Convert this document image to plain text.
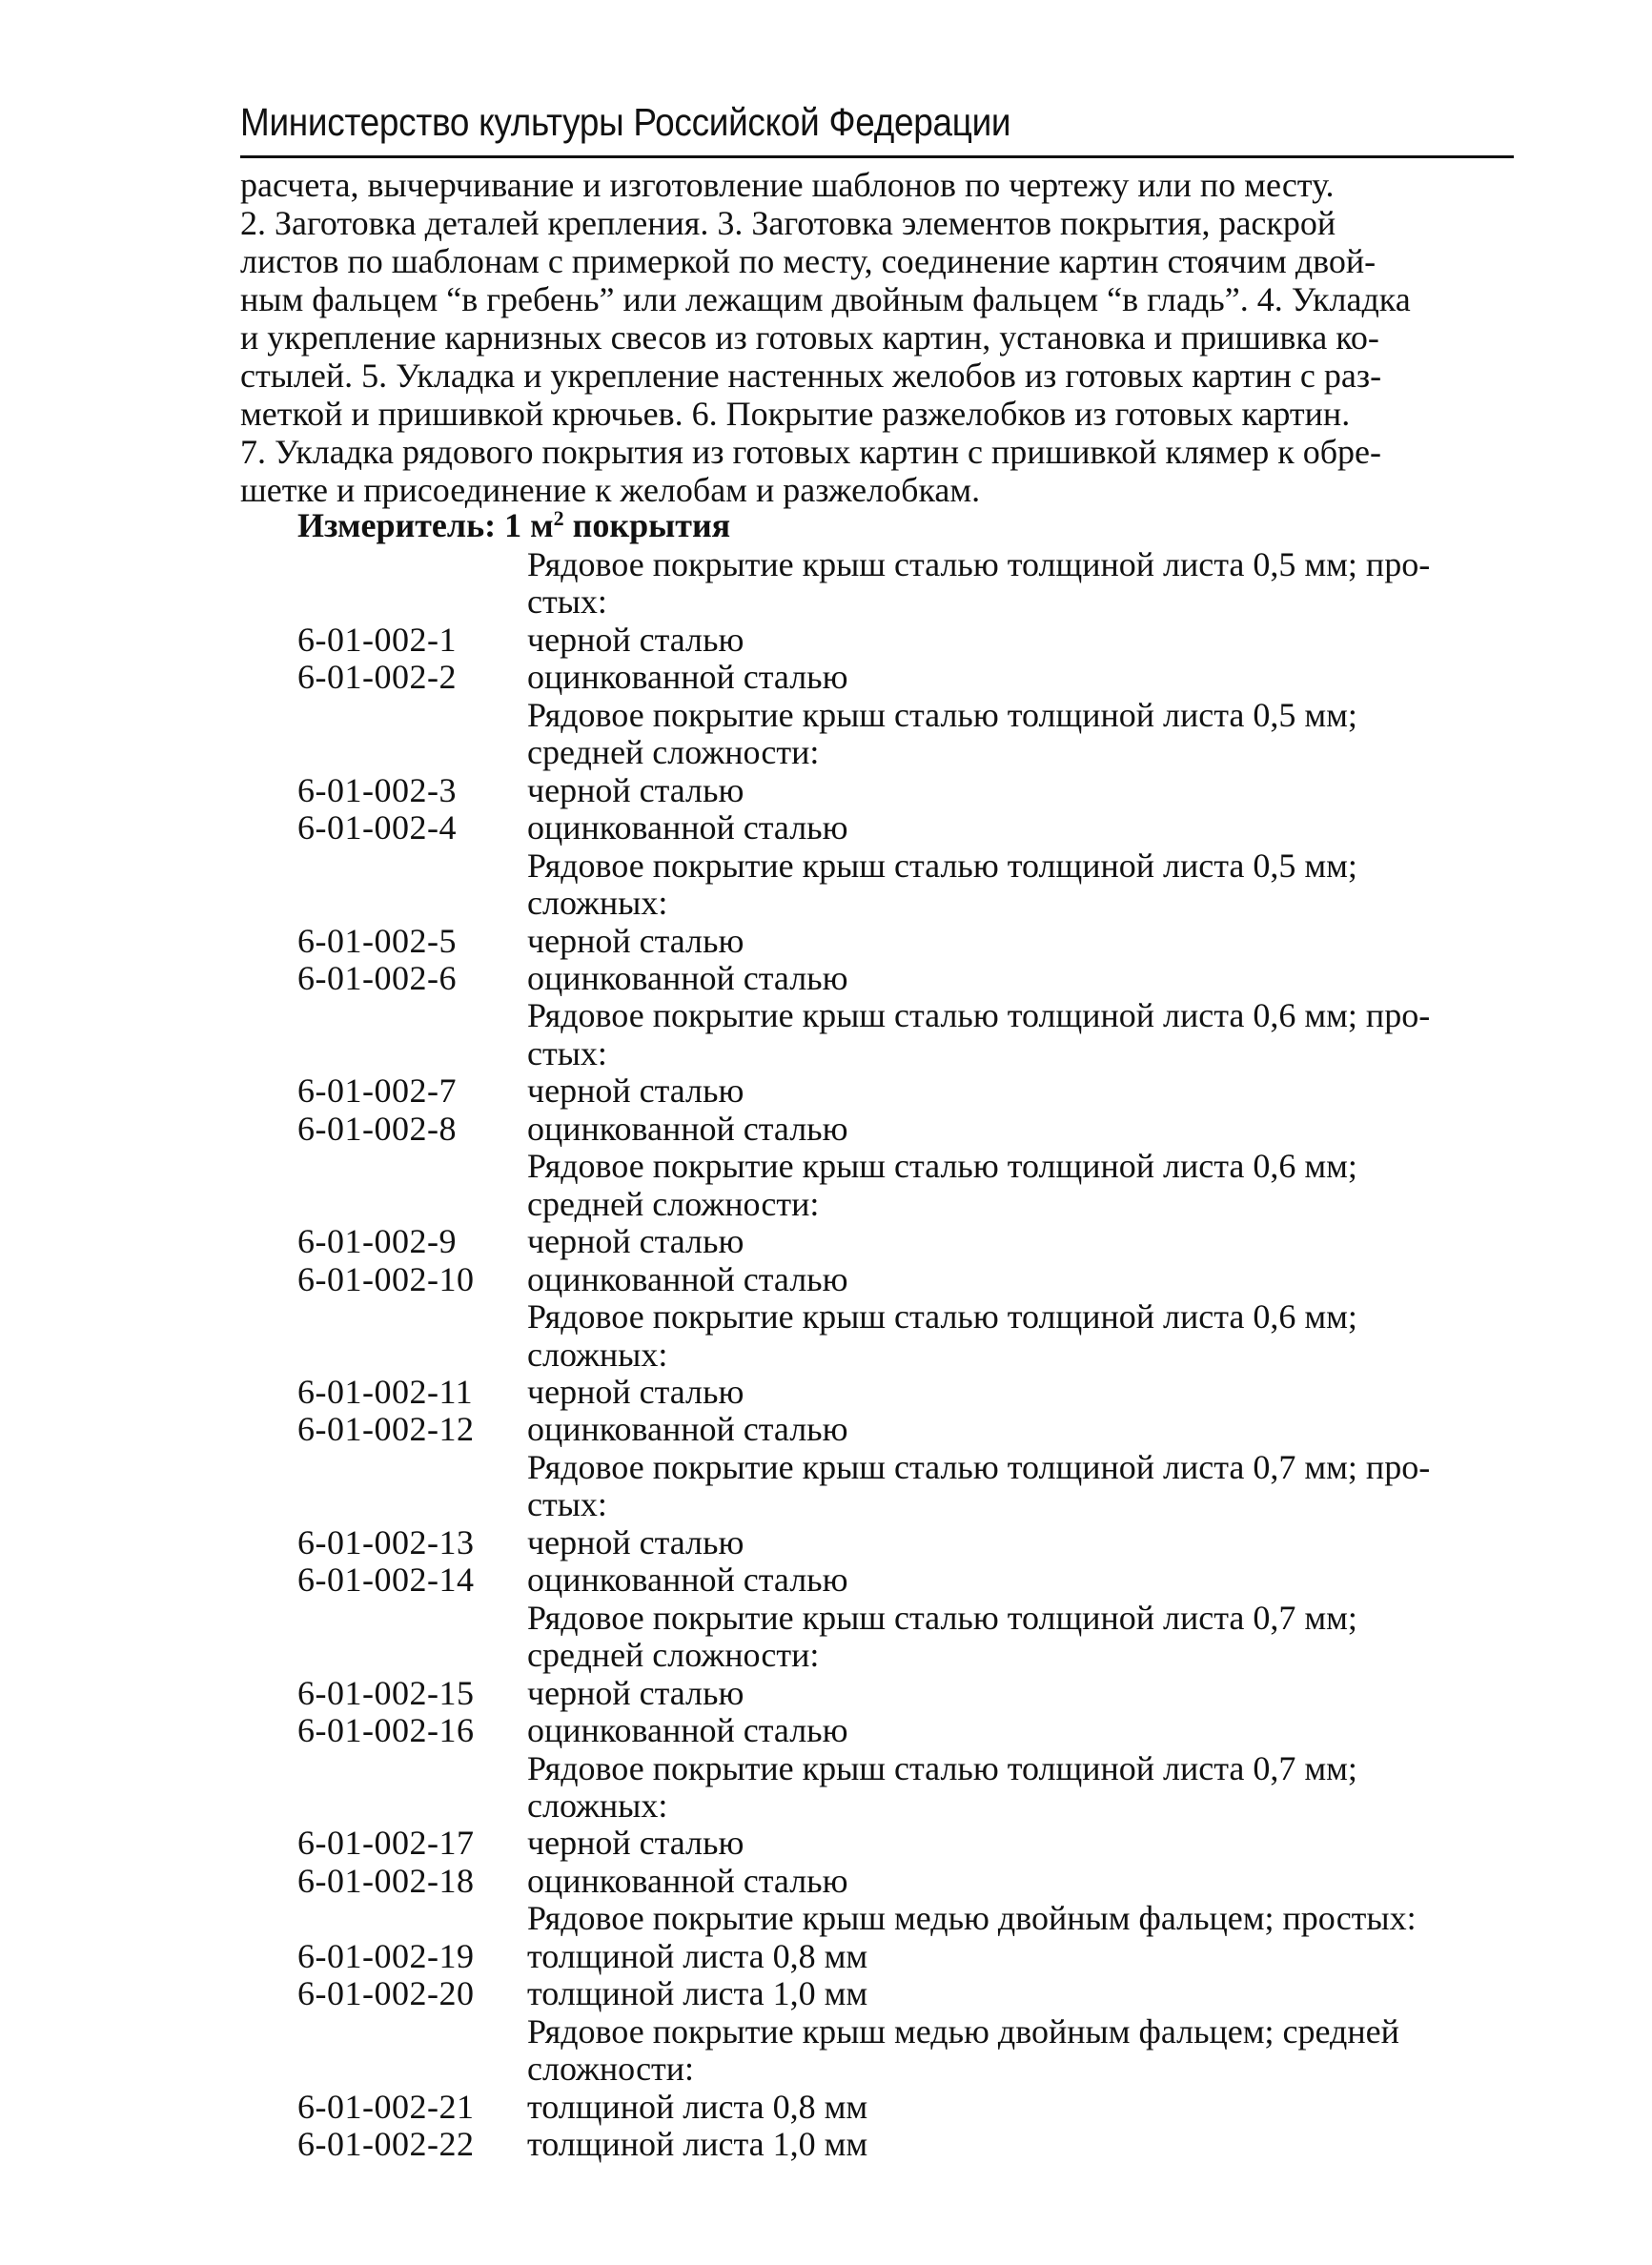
Министерство культуры Российской Федерации
расчета, вычерчивание и изготовление шаблонов по чертежу или по месту.
2. Заготовка деталей крепления. 3. Заготовка элементов покрытия, раскрой
листов по шаблонам с примеркой по месту, соединение картин стоячим двой-
ным фальцем “в гребень” или лежащим двойным фальцем “в гладь”. 4. Укладка
и укрепление карнизных свесов из готовых картин, установка и пришивка ко-
стылей. 5. Укладка и укрепление настенных желобов из готовых картин с раз-
меткой и пришивкой крючьев. 6. Покрытие разжелобков из готовых картин.
7. Укладка рядового покрытия из готовых картин с пришивкой клямер к обре-
шетке и присоединение к желобам и разжелобкам.
Измеритель: 1 $м^2$ покрытия
Рядовое покрытие крыш сталью толщиной листа 0,5 мм; про-
стых:
6-01-002-1	черной сталью
6-01-002-2	оцинкованной сталью
Рядовое покрытие крыш сталью толщиной листа 0,5 мм;
средней сложности:
6-01-002-3	черной сталью
6-01-002-4	оцинкованной сталью
Рядовое покрытие крыш сталью толщиной листа 0,5 мм;
сложных:
6-01-002-5	черной сталью
6-01-002-6	оцинкованной сталью
Рядовое покрытие крыш сталью толщиной листа 0,6 мм; про-
стых:
6-01-002-7	черной сталью
6-01-002-8	оцинкованной сталью
Рядовое покрытие крыш сталью толщиной листа 0,6 мм;
средней сложности:
6-01-002-9	черной сталью
6-01-002-10	оцинкованной сталью
Рядовое покрытие крыш сталью толщиной листа 0,6 мм;
сложных:
6-01-002-11	черной сталью
6-01-002-12	оцинкованной сталью
Рядовое покрытие крыш сталью толщиной листа 0,7 мм; про-
стых:
6-01-002-13	черной сталью
6-01-002-14	оцинкованной сталью
Рядовое покрытие крыш сталью толщиной листа 0,7 мм;
средней сложности:
6-01-002-15	черной сталью
6-01-002-16	оцинкованной сталью
Рядовое покрытие крыш сталью толщиной листа 0,7 мм;
сложных:
6-01-002-17	черной сталью
6-01-002-18	оцинкованной сталью
Рядовое покрытие крыш медью двойным фальцем; простых:
6-01-002-19	толщиной листа 0,8 мм
6-01-002-20	толщиной листа 1,0 мм
Рядовое покрытие крыш медью двойным фальцем; средней
сложности:
6-01-002-21	толщиной листа 0,8 мм
6-01-002-22	толщиной листа 1,0 мм
